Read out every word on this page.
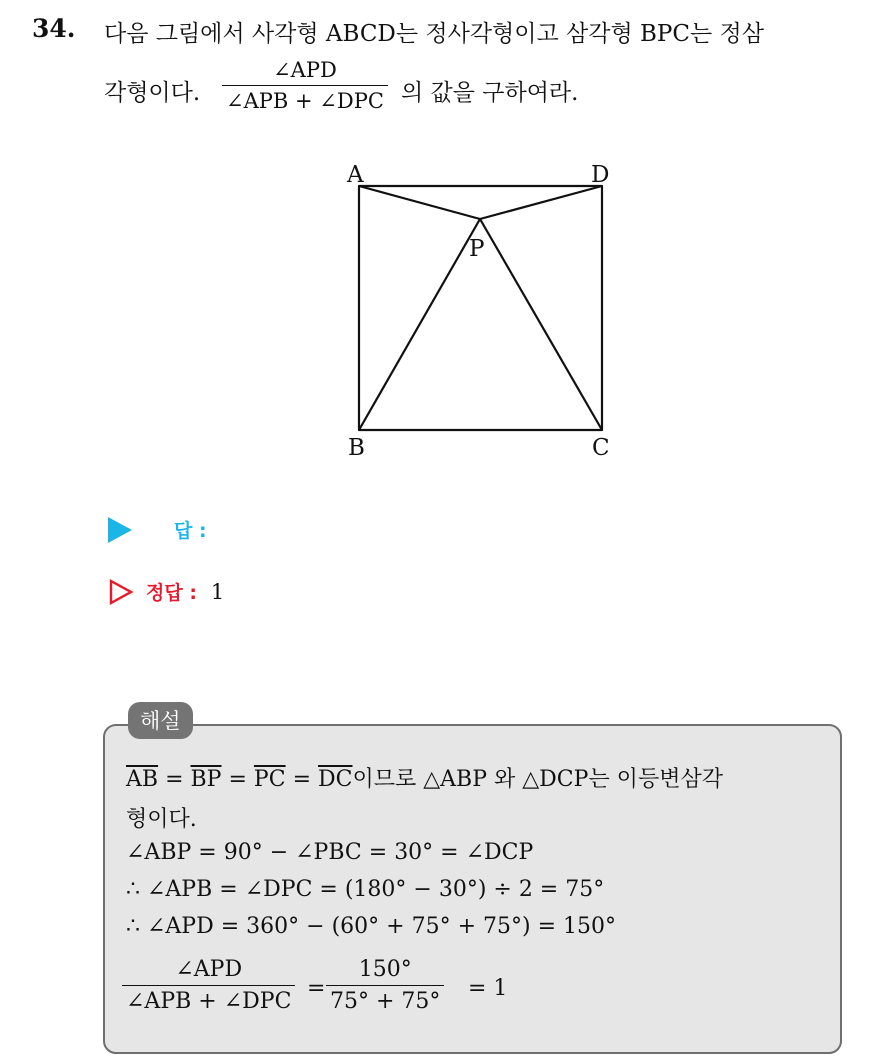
34. 다음 그림에서 사각형 ABCD는 정사각형이고 삼각형 BPC는 정삼
각형이다.
∠APD
∠APB + ∠DPC 의 값을 구하여라.
A	D
P
B	C
답 :
정답 : 1
해설
$\overline{AB} = \overline{BP} = \overline{PC} = \overline{DC}$이므로 △ABP 와 △DCP는 이등변삼각
형이다.
∠ABP = 90° − ∠PBC = 30° = ∠DCP
∴ ∠APB = ∠DPC = (180° − 30°) ÷ 2 = 75°
∴ ∠APD = 360° − (60° + 75° + 75°) = 150°
∠APD
∠APB + ∠DPC
= $\frac{150^\circ}{75^\circ + 75^\circ} = 1$
